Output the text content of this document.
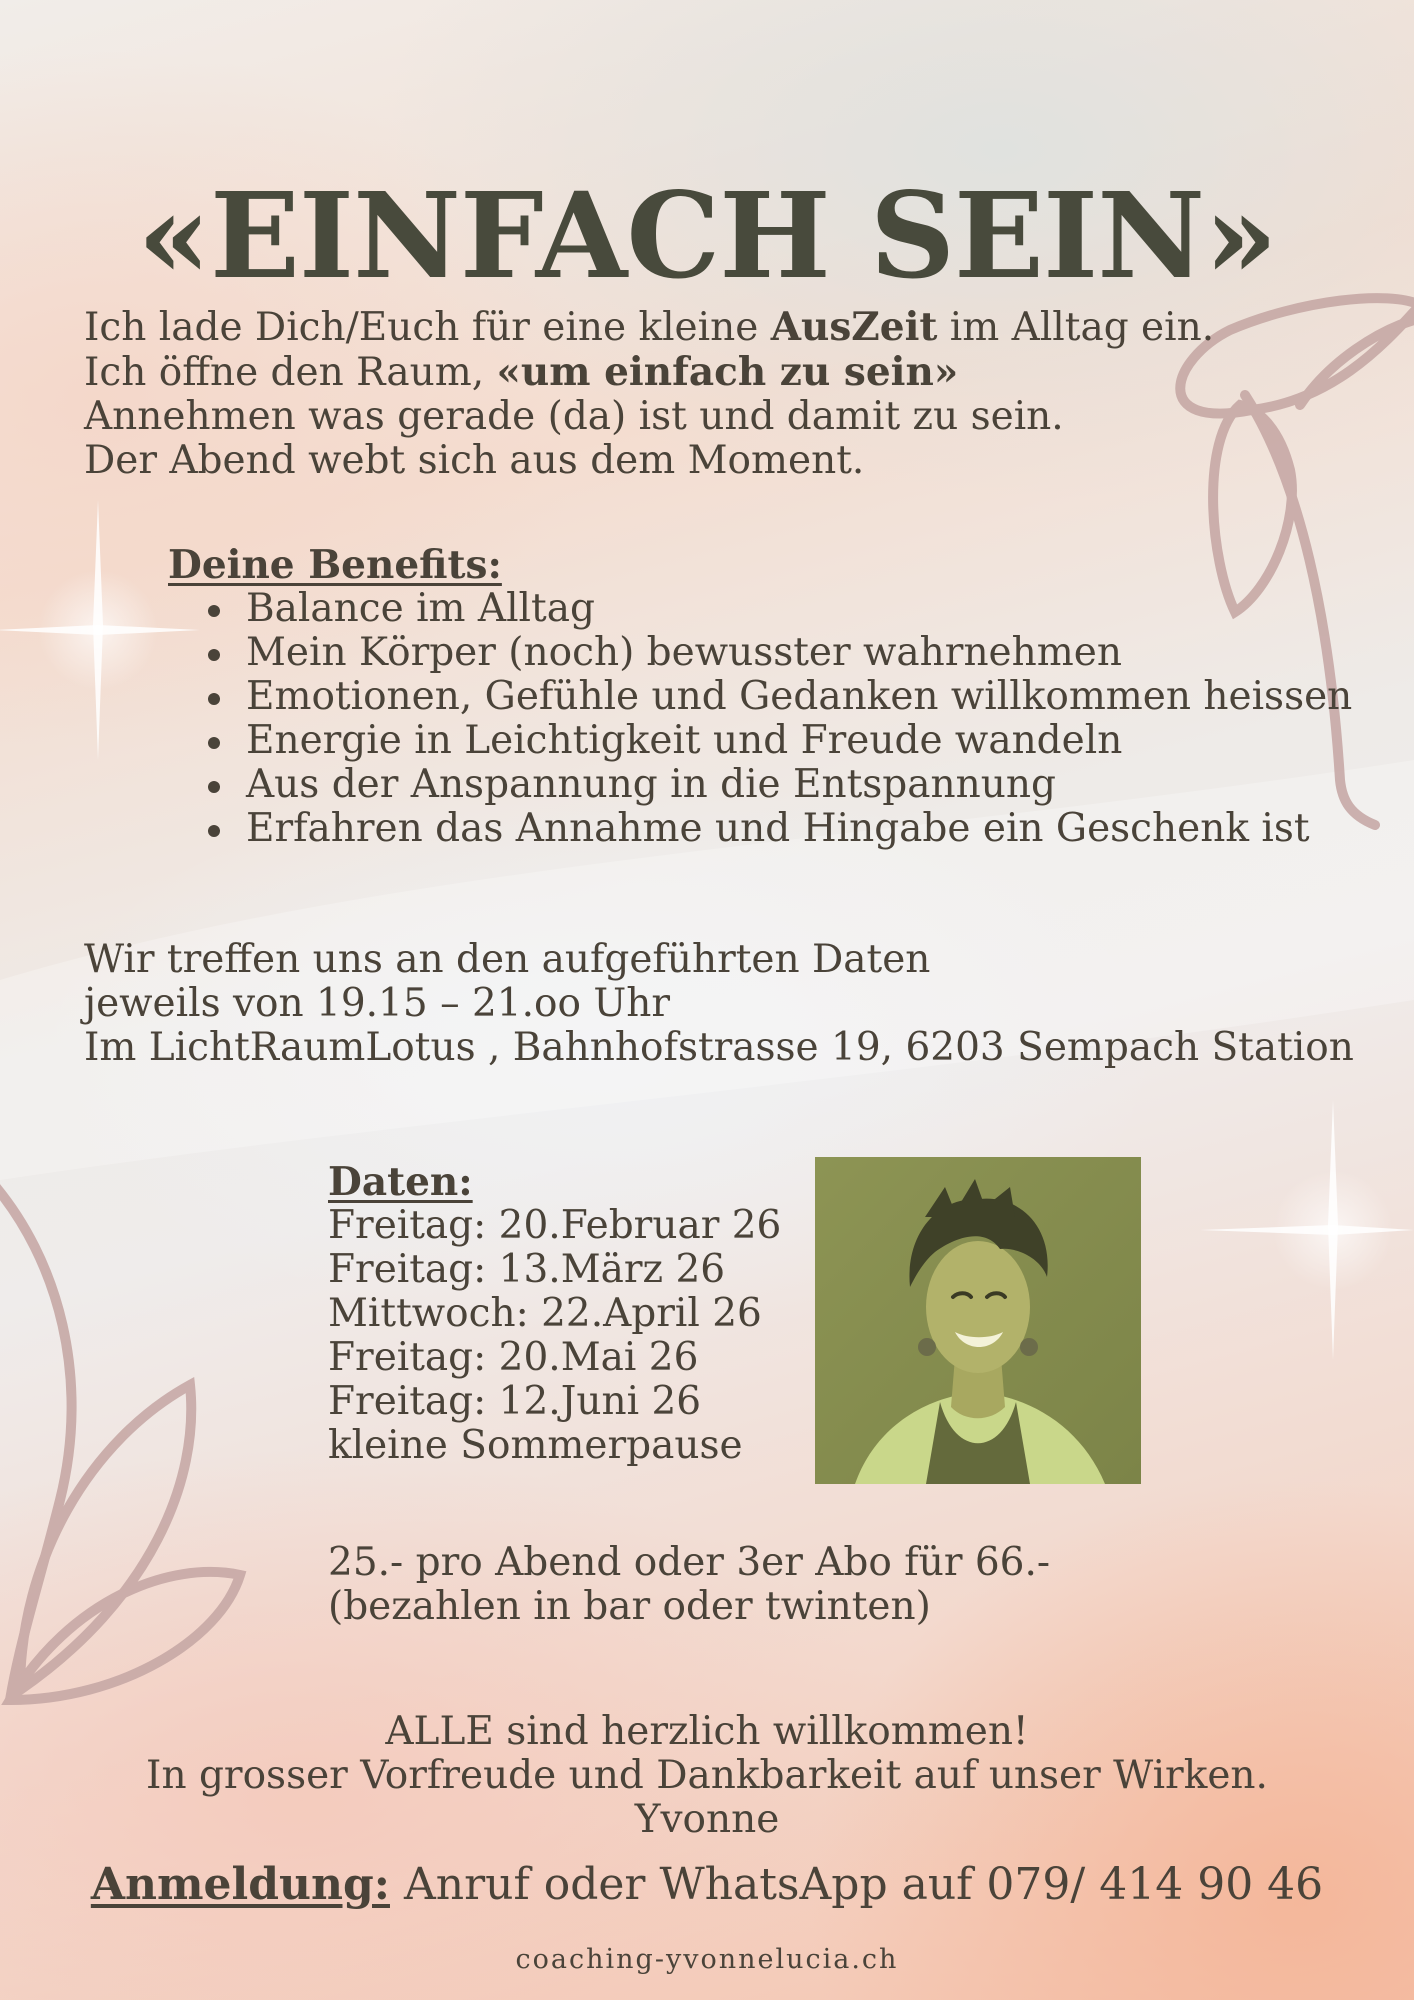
«EINFACH SEIN»
Ich lade Dich/Euch für eine kleine AusZeit im Alltag ein.
Ich öffne den Raum, «um einfach zu sein»
Annehmen was gerade (da) ist und damit zu sein.
Der Abend webt sich aus dem Moment.
Deine Benefits:
Balance im Alltag
Mein Körper (noch) bewusster wahrnehmen
Emotionen, Gefühle und Gedanken willkommen heissen
Energie in Leichtigkeit und Freude wandeln
Aus der Anspannung in die Entspannung
Erfahren das Annahme und Hingabe ein Geschenk ist
Wir treffen uns an den aufgeführten Daten
jeweils von 19.15 – 21.oo Uhr
Im LichtRaumLotus , Bahnhofstrasse 19, 6203 Sempach Station
Daten:
Freitag: 20.Februar 26
Freitag: 13.März 26
Mittwoch: 22.April 26
Freitag: 20.Mai 26
Freitag: 12.Juni 26
kleine Sommerpause
25.- pro Abend oder 3er Abo für 66.-
(bezahlen in bar oder twinten)
ALLE sind herzlich willkommen!
In grosser Vorfreude und Dankbarkeit auf unser Wirken.
Yvonne
Anmeldung: Anruf oder WhatsApp auf 079/ 414 90 46
coaching-yvonnelucia.ch
